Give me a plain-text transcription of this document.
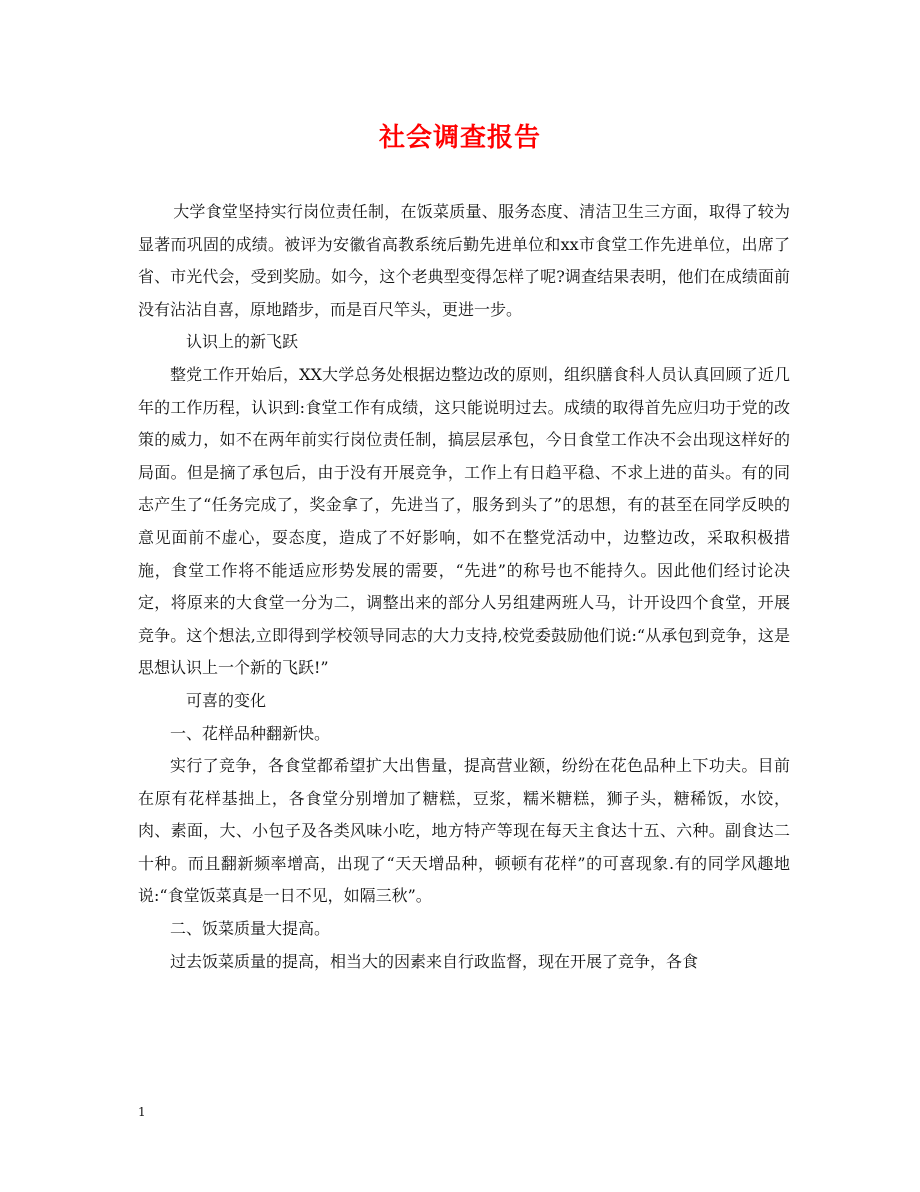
社会调查报告

大学食堂坚持实行岗位责任制，在饭菜质量、服务态度、清洁卫生三方面，取得了较为显著而巩固的成绩。被评为安徽省高教系统后勤先进单位和xx市食堂工作先进单位，出席了省、市光代会，受到奖励。如今，这个老典型变得怎样了呢?调查结果表明，他们在成绩面前没有沾沾自喜，原地踏步，而是百尺竿头，更进一步。

认识上的新飞跃

整党工作开始后，XX大学总务处根据边整边改的原则，组织膳食科人员认真回顾了近几年的工作历程，认识到:食堂工作有成绩，这只能说明过去。成绩的取得首先应归功于党的改策的威力，如不在两年前实行岗位责任制，搞层层承包，今日食堂工作决不会出现这样好的局面。但是摘了承包后，由于没有开展竞争，工作上有日趋平稳、不求上进的苗头。有的同志产生了“任务完成了，奖金拿了，先进当了，服务到头了”的思想，有的甚至在同学反映的意见面前不虚心，耍态度，造成了不好影响，如不在整党活动中，边整边改，采取积极措施，食堂工作将不能适应形势发展的需要，“先进”的称号也不能持久。因此他们经讨论决定，将原来的大食堂一分为二，调整出来的部分人另组建两班人马，计开设四个食堂，开展竞争。这个想法,立即得到学校领导同志的大力支持,校党委鼓励他们说:“从承包到竞争，这是思想认识上一个新的飞跃!”

可喜的变化

一、花样品种翻新快。

实行了竞争，各食堂都希望扩大出售量，提高营业额，纷纷在花色品种上下功夫。目前在原有花样基拙上，各食堂分别增加了糖糕，豆浆，糯米糖糕，狮子头，糖稀饭，水饺，肉、素面，大、小包子及各类风味小吃，地方特产等现在每天主食达十五、六种。副食达二十种。而且翻新频率增高，出现了“天天增品种，顿顿有花样”的可喜现象.有的同学风趣地说:“食堂饭菜真是一日不见，如隔三秋”。

二、饭菜质量大提高。

过去饭菜质量的提高，相当大的因素来自行政监督，现在开展了竞争，各食

1
